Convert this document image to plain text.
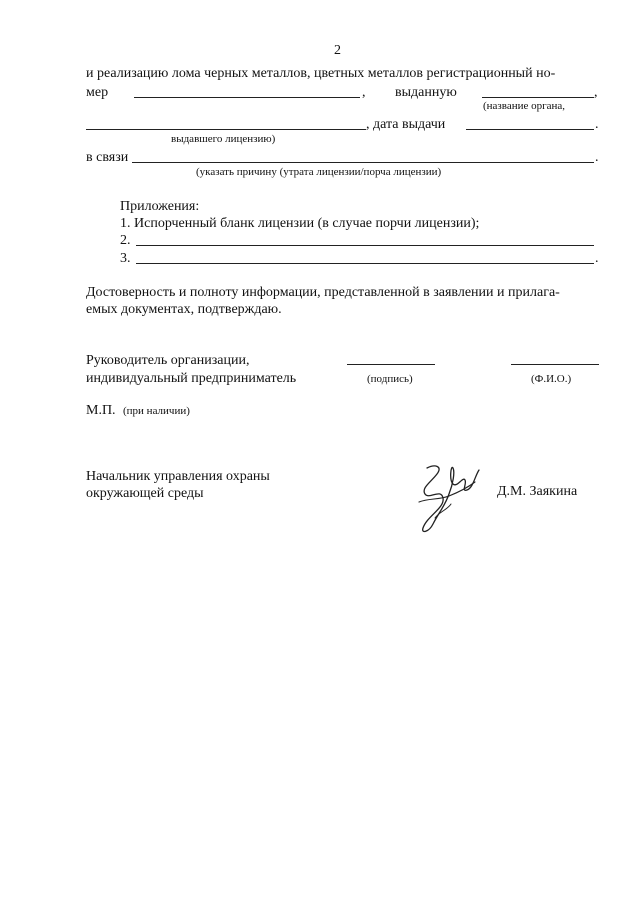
2
и реализацию лома черных металлов, цветных металлов регистрационный но-
мер	, выданную	,
(название органа,
, дата выдачи	.
выдавшего лицензию)
в связи	.
(указать причину (утрата лицензии/порча лицензии)
Приложения:
1. Испорченный бланк лицензии (в случае порчи лицензии);
2.
3.	.
Достоверность и полноту информации, представленной в заявлении и прилага-
емых документах, подтверждаю.
Руководитель организации,
индивидуальный предприниматель	(подпись)	(Ф.И.О.)
М.П. (при наличии)
Начальник управления охраны
окружающей среды	Д.М. Заякина
